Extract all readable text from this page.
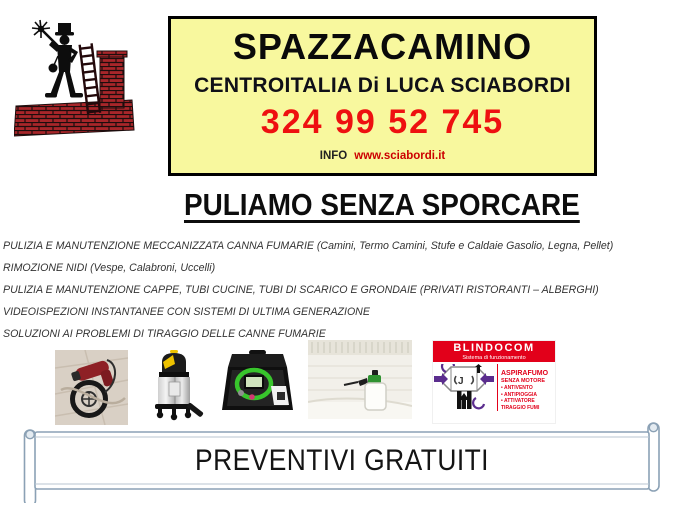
SPAZZACAMINO
CENTROITALIA Di LUCA SCIABORDI
324 99 52 745
INFO www.sciabordi.it
PULIAMO SENZA SPORCARE
PULIZIA E MANUTENZIONE MECCANIZZATA CANNA FUMARIE (Camini, Termo Camini, Stufe e Caldaie Gasolio, Legna, Pellet)
RIMOZIONE NIDI (Vespe, Calabroni, Uccelli)
PULIZIA E MANUTENZIONE CAPPE, TUBI CUCINE, TUBI DI SCARICO E GRONDAIE (PRIVATI RISTORANTI – ALBERGHI)
VIDEOISPEZIONI INSTANTANEE CON SISTEMI DI ULTIMA GENERAZIONE
SOLUZIONI AI PROBLEMI DI TIRAGGIO DELLE CANNE FUMARIE
BLINDOCOM
Sistema di funzionamento
J
ASPIRAFUMO
SENZA MOTORE
• ANTIVENTO
• ANTIPIOGGIA
• ATTIVATORE TIRAGGIO FUMI
PREVENTIVI GRATUITI
